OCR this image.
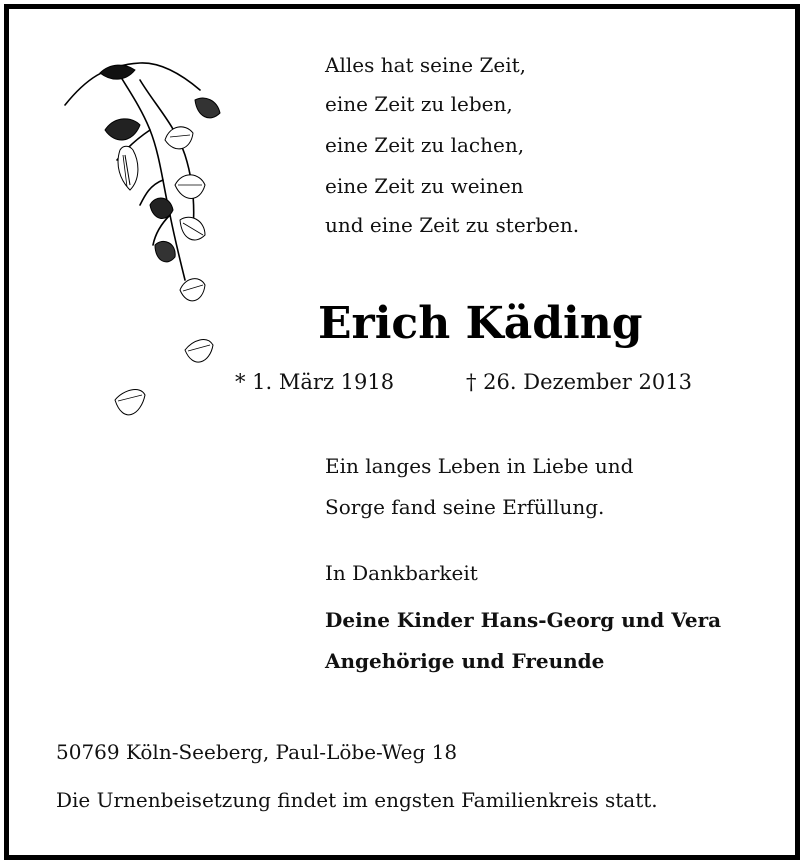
Alles hat seine Zeit,
eine Zeit zu leben,
eine Zeit zu lachen,
eine Zeit zu weinen
und eine Zeit zu sterben.
Erich Käding
* 1. März 1918	† 26. Dezember 2013
Ein langes Leben in Liebe und
Sorge fand seine Erfüllung.
In Dankbarkeit
Deine Kinder Hans-Georg und Vera
Angehörige und Freunde
50769 Köln-Seeberg, Paul-Löbe-Weg 18
Die Urnenbeisetzung findet im engsten Familienkreis statt.
